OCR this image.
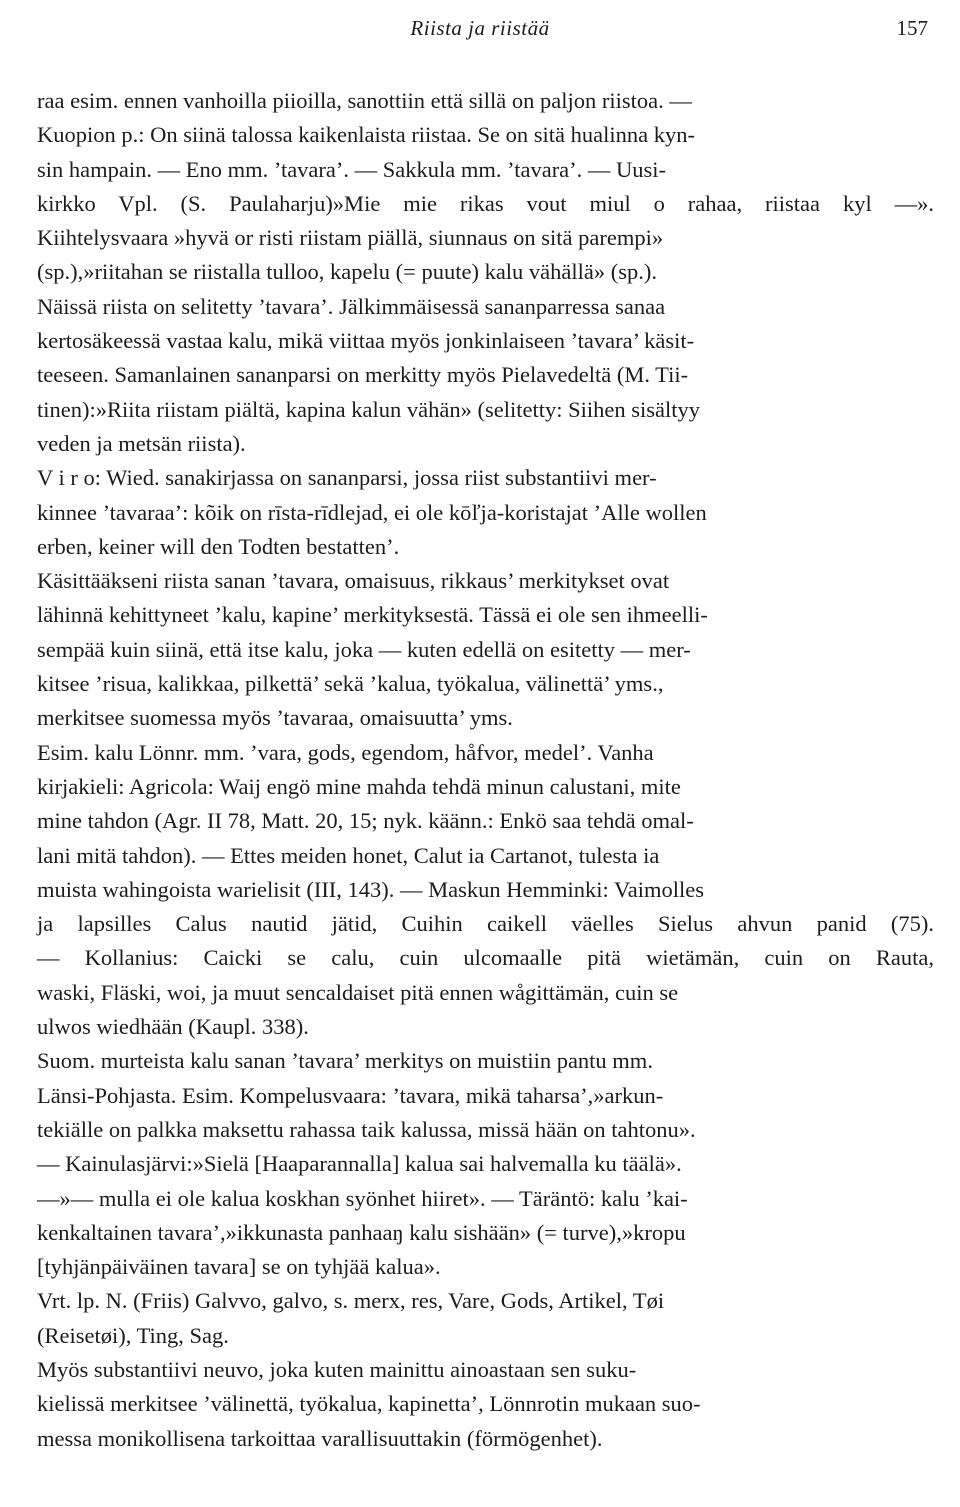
Riista ja riistää	157

raa esim. ennen vanhoilla piioilla, sanottiin että sillä on paljon riistoa. —
Kuopion p.: On siinä talossa kaikenlaista riistaa. Se on sitä hualinna kyn-
sin hampain. — Eno mm. ’tavara’. — Sakkula mm. ’tavara’. — Uusi-
kirkko Vpl. (S. Paulaharju)»Mie mie rikas vout miul o rahaa, riistaa kyl —».
Kiihtelysvaara »hyvä or risti riistam piällä, siunnaus on sitä parempi»
(sp.),»riitahan se riistalla tulloo, kapelu (= puute) kalu vähällä» (sp.).
Näissä riista on selitetty ’tavara’. Jälkimmäisessä sananparressa sanaa
kertosäkeessä vastaa kalu, mikä viittaa myös jonkinlaiseen ’tavara’ käsit-
teeseen. Samanlainen sananparsi on merkitty myös Pielavedeltä (M. Tii-
tinen):»Riita riistam piältä, kapina kalun vähän» (selitetty: Siihen sisältyy
veden ja metsän riista).

V i r o: Wied. sanakirjassa on sananparsi, jossa riist substantiivi mer-
kinnee ’tavaraa’: kõik on rīsta-rīdlejad, ei ole kōľja-koristajat ’Alle wollen
erben, keiner will den Todten bestatten’.

Käsittääkseni riista sanan ’tavara, omaisuus, rikkaus’ merkitykset ovat
lähinnä kehittyneet ’kalu, kapine’ merkityksestä. Tässä ei ole sen ihmeelli-
sempää kuin siinä, että itse kalu, joka — kuten edellä on esitetty — mer-
kitsee ’risua, kalikkaa, pilkettä’ sekä ’kalua, työkalua, välinettä’ yms.,
merkitsee suomessa myös ’tavaraa, omaisuutta’ yms.

Esim. kalu Lönnr. mm. ’vara, gods, egendom, håfvor, medel’. Vanha
kirjakieli: Agricola: Waij engö mine mahda tehdä minun calustani, mite
mine tahdon (Agr. II 78, Matt. 20, 15; nyk. käänn.: Enkö saa tehdä omal-
lani mitä tahdon). — Ettes meiden honet, Calut ia Cartanot, tulesta ia
muista wahingoista warielisit (III, 143). — Maskun Hemminki: Vaimolles
ja lapsilles Calus nautid jätid, Cuihin caikell väelles Sielus ahvun panid (75).
— Kollanius: Caicki se calu, cuin ulcomaalle pitä wietämän, cuin on Rauta,
waski, Fläski, woi, ja muut sencaldaiset pitä ennen wågittämän, cuin se
ulwos wiedhään (Kaupl. 338).

Suom. murteista kalu sanan ’tavara’ merkitys on muistiin pantu mm.
Länsi-Pohjasta. Esim. Kompelusvaara: ’tavara, mikä taharsa’,»arkun-
tekiälle on palkka maksettu rahassa taik kalussa, missä hään on tahtonu».
— Kainulasjärvi:»Sielä [Haaparannalla] kalua sai halvemalla ku täälä».
—»— mulla ei ole kalua koskhan syönhet hiiret». — Täräntö: kalu ’kai-
kenkaltainen tavara’,»ikkunasta panhaaŋ kalu sishään» (= turve),»kropu
[tyhjänpäiväinen tavara] se on tyhjää kalua».

Vrt. lp. N. (Friis) Galvvo, galvo, s. merx, res, Vare, Gods, Artikel, Tøi
(Reisetøi), Ting, Sag.

Myös substantiivi neuvo, joka kuten mainittu ainoastaan sen suku-
kielissä merkitsee ’välinettä, työkalua, kapinetta’, Lönnrotin mukaan suo-
messa monikollisena tarkoittaa varallisuuttakin (förmögenhet).
